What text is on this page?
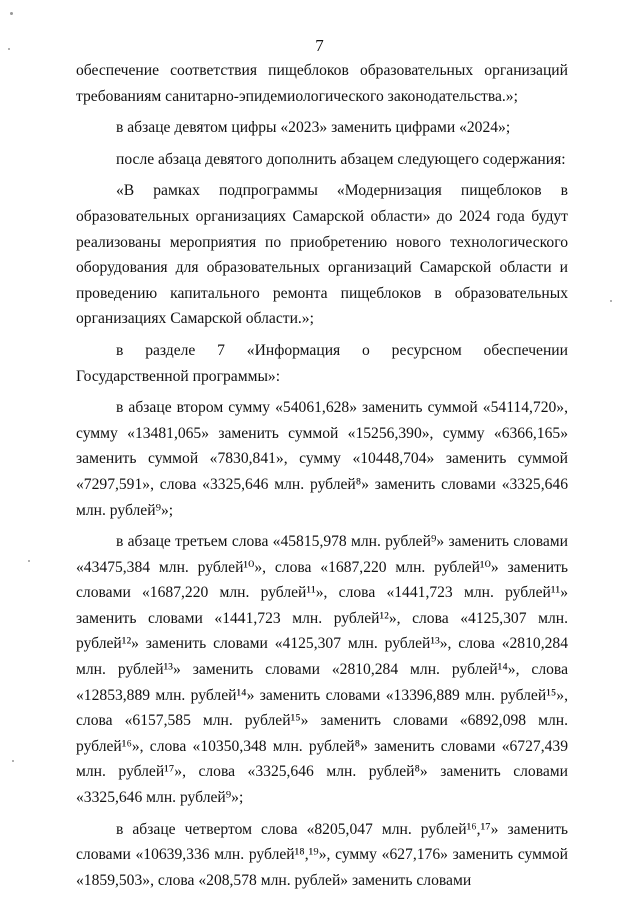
7

обеспечение соответствия пищеблоков образовательных организаций требованиям санитарно-эпидемиологического законодательства.»;

в абзаце девятом цифры «2023» заменить цифрами «2024»;

после абзаца девятого дополнить абзацем следующего содержания:

«В рамках подпрограммы «Модернизация пищеблоков в образовательных организациях Самарской области» до 2024 года будут реализованы мероприятия по приобретению нового технологического оборудования для образовательных организаций Самарской области и проведению капитального ремонта пищеблоков в образовательных организациях Самарской области.»;

в разделе 7 «Информация о ресурсном обеспечении Государственной программы»:

в абзаце втором сумму «54061,628» заменить суммой «54114,720», сумму «13481,065» заменить суммой «15256,390», сумму «6366,165» заменить суммой «7830,841», сумму «10448,704» заменить суммой «7297,591», слова «3325,646 млн. рублей⁸» заменить словами «3325,646 млн. рублей⁹»;

в абзаце третьем слова «45815,978 млн. рублей⁹» заменить словами «43475,384 млн. рублей¹⁰», слова «1687,220 млн. рублей¹⁰» заменить словами «1687,220 млн. рублей¹¹», слова «1441,723 млн. рублей¹¹» заменить словами «1441,723 млн. рублей¹²», слова «4125,307 млн. рублей¹²» заменить словами «4125,307 млн. рублей¹³», слова «2810,284 млн. рублей¹³» заменить словами «2810,284 млн. рублей¹⁴», слова «12853,889 млн. рублей¹⁴» заменить словами «13396,889 млн. рублей¹⁵», слова «6157,585 млн. рублей¹⁵» заменить словами «6892,098 млн. рублей¹⁶», слова «10350,348 млн. рублей⁸» заменить словами «6727,439 млн. рублей¹⁷», слова «3325,646 млн. рублей⁸» заменить словами «3325,646 млн. рублей⁹»;

в абзаце четвертом слова «8205,047 млн. рублей¹⁶,¹⁷» заменить словами «10639,336 млн. рублей¹⁸,¹⁹», сумму «627,176» заменить суммой «1859,503», слова «208,578 млн. рублей» заменить словами
